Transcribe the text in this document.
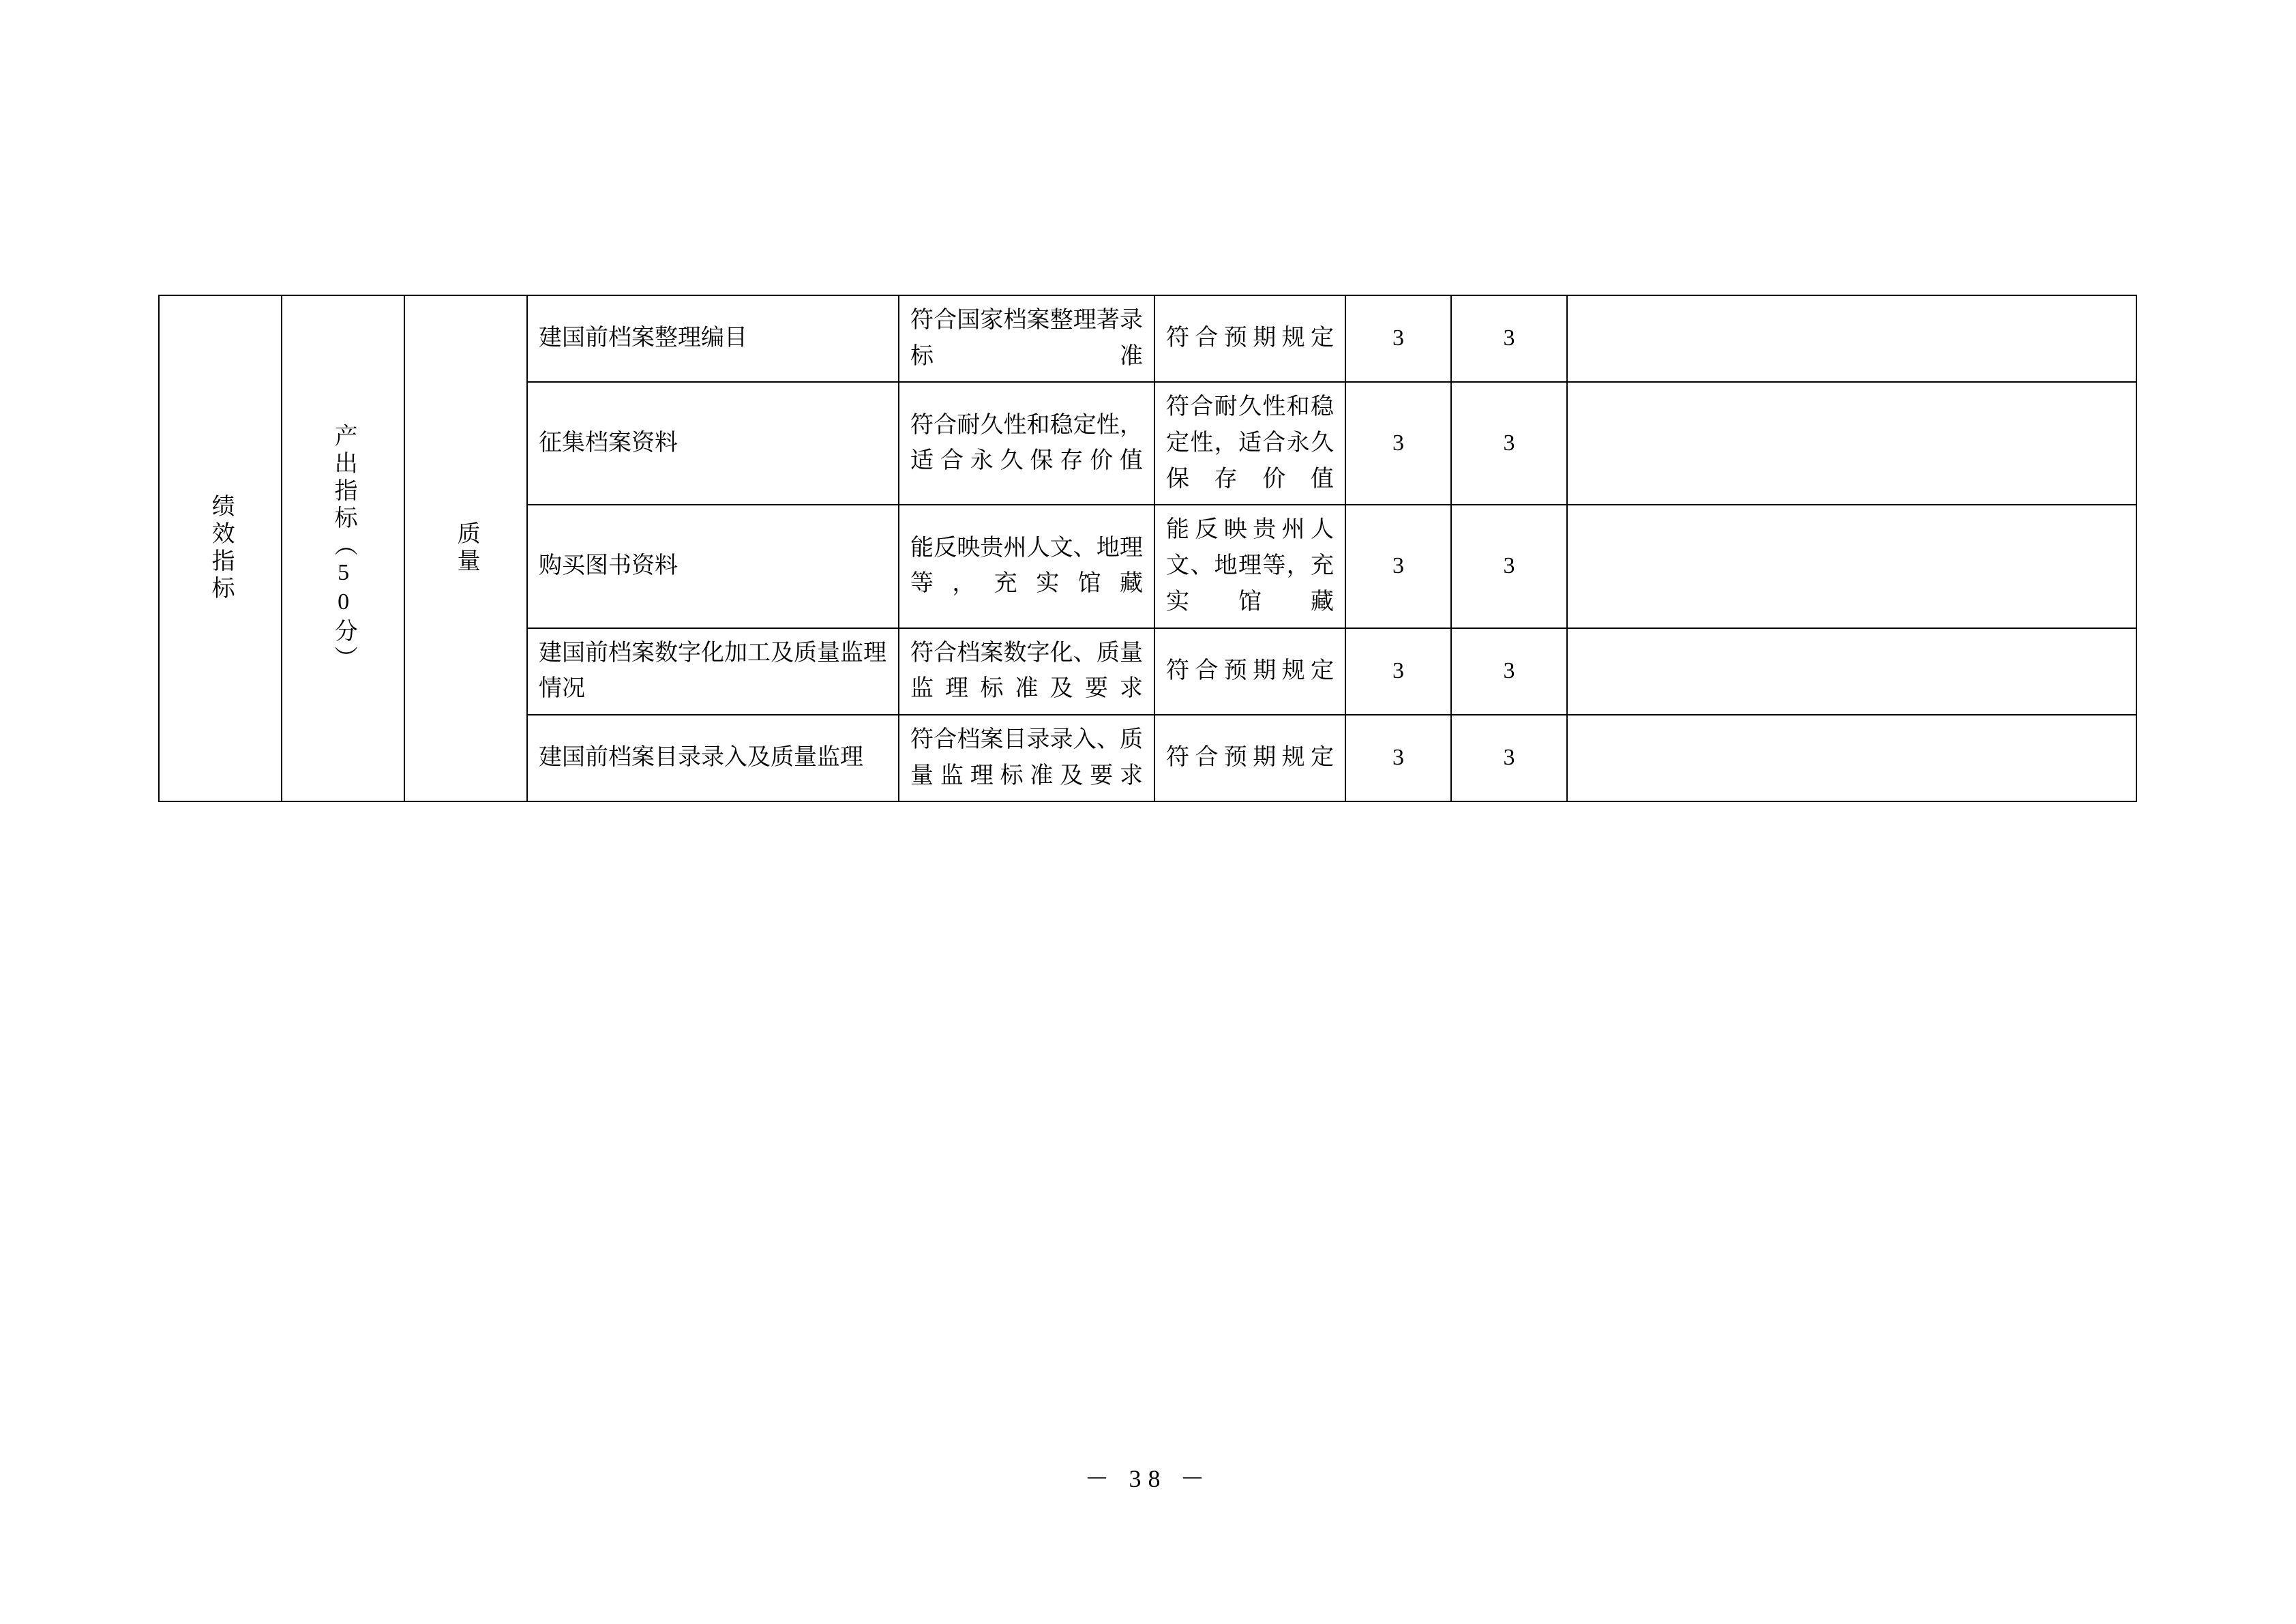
绩效指标	产出指标（50分）	质量	建国前档案整理编目	符合国家档案整理著录标准	符合预期规定	3	3	
			征集档案资料	符合耐久性和稳定性，适合永久保存价值	符合耐久性和稳定性，适合永久保存价值	3	3	
			购买图书资料	能反映贵州人文、地理等，充实馆藏	能反映贵州人文、地理等，充实馆藏	3	3	
			建国前档案数字化加工及质量监理情况	符合档案数字化、质量监理标准及要求	符合预期规定	3	3	
			建国前档案目录录入及质量监理	符合档案目录录入、质量监理标准及要求	符合预期规定	3	3	
－ 38 －
